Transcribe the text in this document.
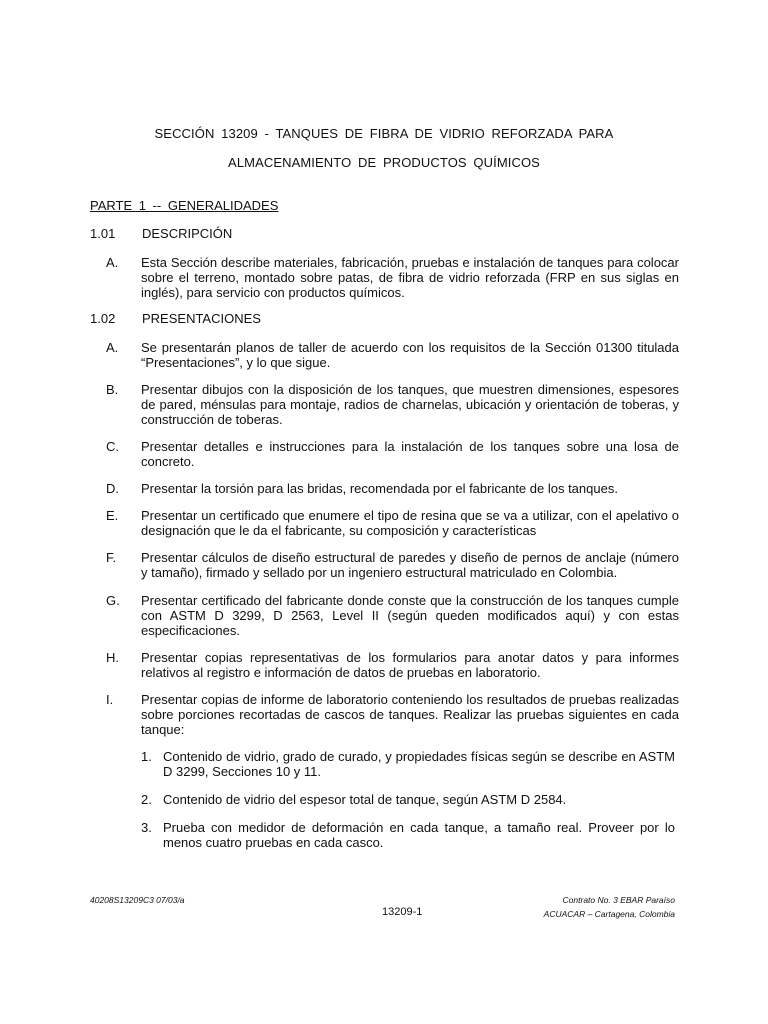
SECCIÓN 13209 - TANQUES DE FIBRA DE VIDRIO REFORZADA PARA
ALMACENAMIENTO DE PRODUCTOS QUÍMICOS
PARTE 1 -- GENERALIDADES
1.01 DESCRIPCIÓN
A. Esta Sección describe materiales, fabricación, pruebas e instalación de tanques para colocar sobre el terreno, montado sobre patas, de fibra de vidrio reforzada (FRP en sus siglas en inglés), para servicio con productos químicos.
1.02 PRESENTACIONES
A. Se presentarán planos de taller de acuerdo con los requisitos de la Sección 01300 titulada “Presentaciones”, y lo que sigue.
B. Presentar dibujos con la disposición de los tanques, que muestren dimensiones, espesores de pared, ménsulas para montaje, radios de charnelas, ubicación y orientación de toberas, y construcción de toberas.
C. Presentar detalles e instrucciones para la instalación de los tanques sobre una losa de concreto.
D. Presentar la torsión para las bridas, recomendada por el fabricante de los tanques.
E. Presentar un certificado que enumere el tipo de resina que se va a utilizar, con el apelativo o designación que le da el fabricante, su composición y características
F. Presentar cálculos de diseño estructural de paredes y diseño de pernos de anclaje (número y tamaño), firmado y sellado por un ingeniero estructural matriculado en Colombia.
G. Presentar certificado del fabricante donde conste que la construcción de los tanques cumple con ASTM D 3299, D 2563, Level II (según queden modificados aquí) y con estas especificaciones.
H. Presentar copias representativas de los formularios para anotar datos y para informes relativos al registro e información de datos de pruebas en laboratorio.
I. Presentar copias de informe de laboratorio conteniendo los resultados de pruebas realizadas sobre porciones recortadas de cascos de tanques. Realizar las pruebas siguientes en cada tanque:
1. Contenido de vidrio, grado de curado, y propiedades físicas según se describe en ASTM D 3299, Secciones 10 y 11.
2. Contenido de vidrio del espesor total de tanque, según ASTM D 2584.
3. Prueba con medidor de deformación en cada tanque, a tamaño real. Proveer por lo menos cuatro pruebas en cada casco.
40208S13209C3 07/03/a
13209-1
Contrato No. 3 EBAR Paraíso
ACUACAR – Cartagena, Colombia
